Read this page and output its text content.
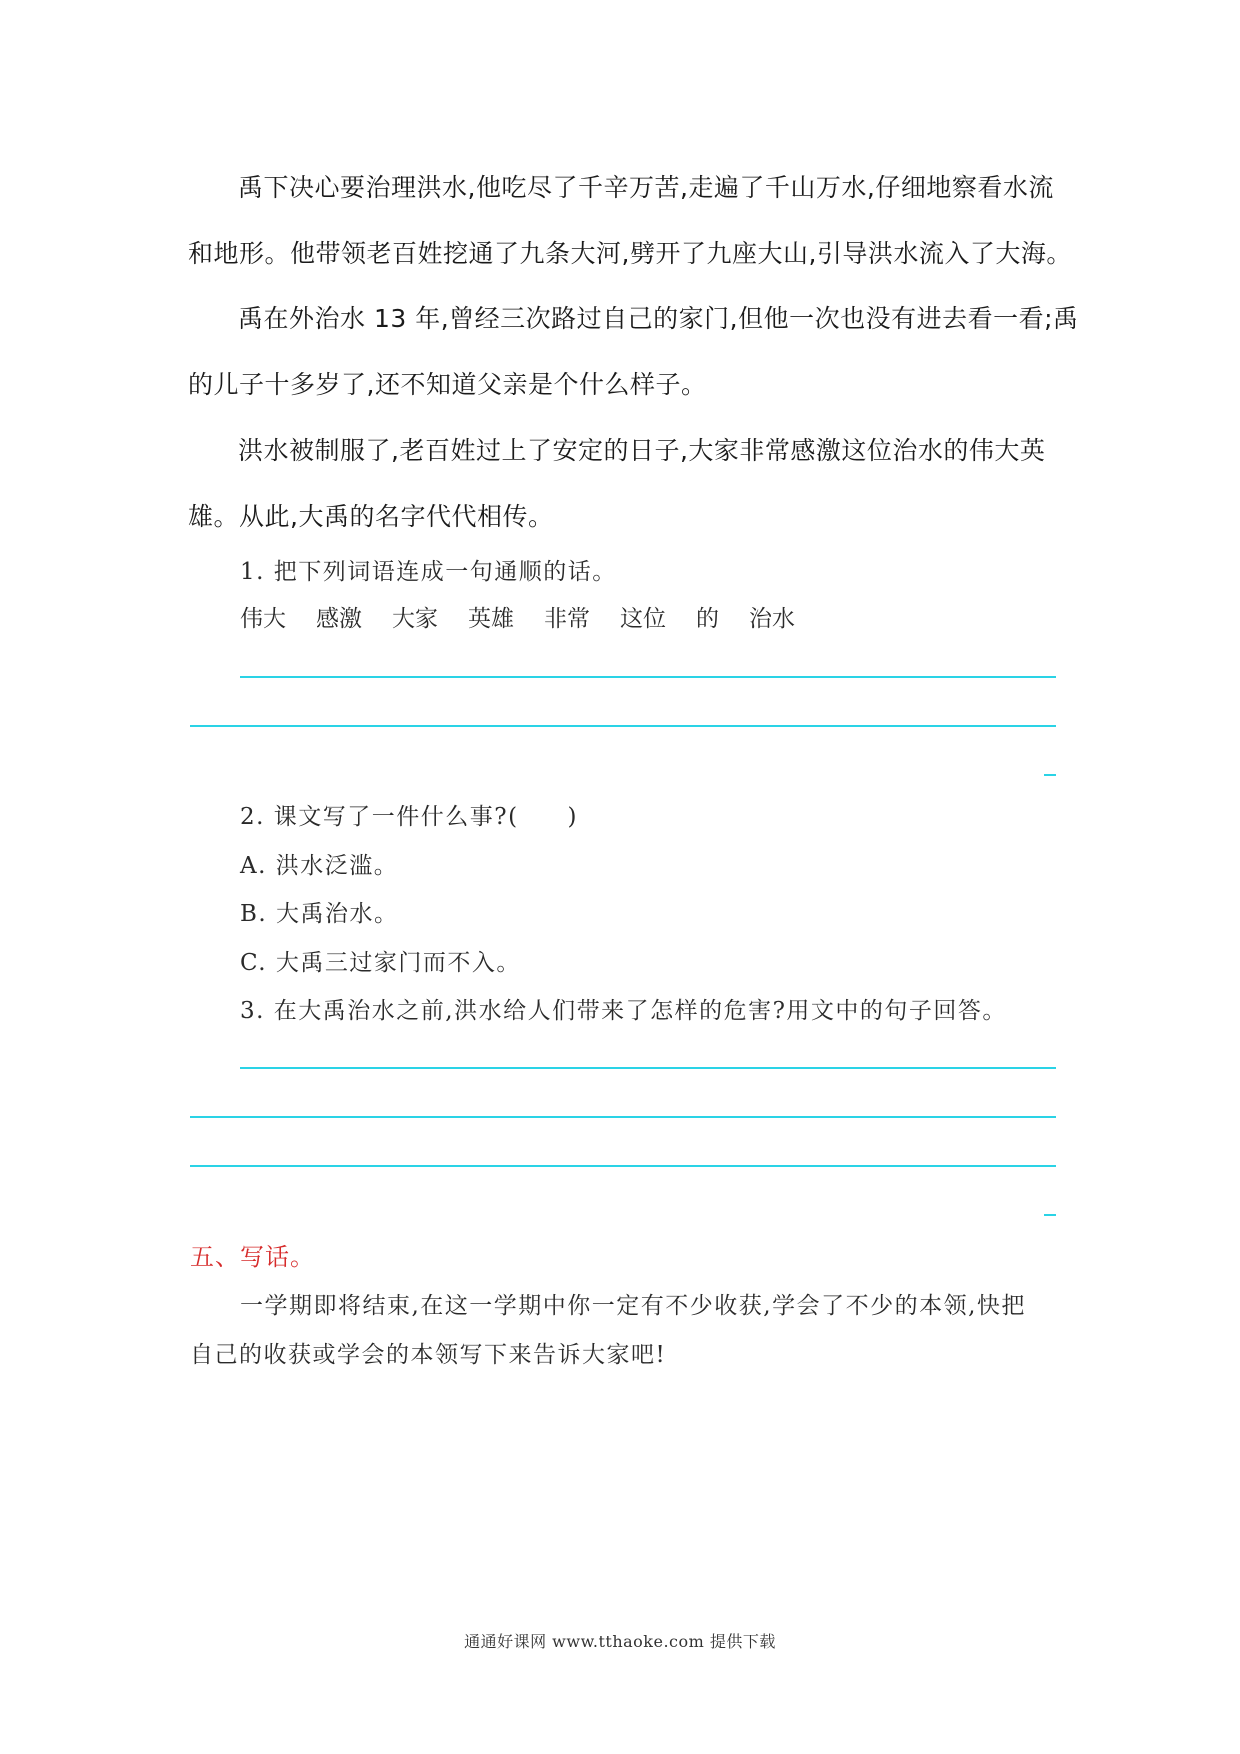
禹下决心要治理洪水,他吃尽了千辛万苦,走遍了千山万水,仔细地察看水流

和地形。他带领老百姓挖通了九条大河,劈开了九座大山,引导洪水流入了大海。

禹在外治水 13 年,曾经三次路过自己的家门,但他一次也没有进去看一看;禹

的儿子十多岁了,还不知道父亲是个什么样子。

洪水被制服了,老百姓过上了安定的日子,大家非常感激这位治水的伟大英

雄。从此,大禹的名字代代相传。

1. 把下列词语连成一句通顺的话。

伟大 感激 大家 英雄 非常 这位 的 治水

2. 课文写了一件什么事?(　　)

A. 洪水泛滥。

B. 大禹治水。

C. 大禹三过家门而不入。

3. 在大禹治水之前,洪水给人们带来了怎样的危害?用文中的句子回答。

五、写话。

一学期即将结束,在这一学期中你一定有不少收获,学会了不少的本领,快把

自己的收获或学会的本领写下来告诉大家吧!

通通好课网 www.tthaoke.com 提供下载
